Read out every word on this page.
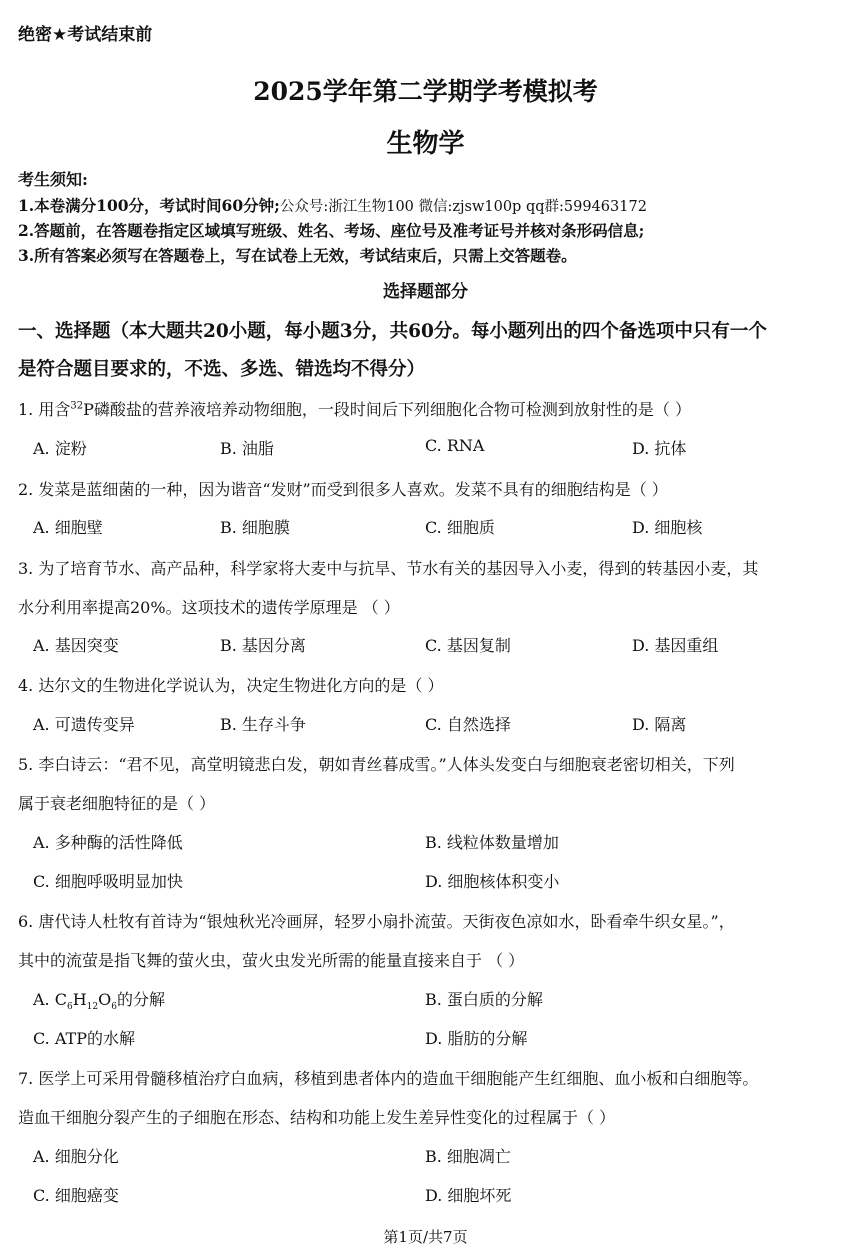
绝密★考试结束前
2025学年第二学期学考模拟考
生物学
考生须知:
1.本卷满分100分，考试时间60分钟;公众号:浙江生物100 微信:zjsw100p qq群:599463172
2.答题前，在答题卷指定区域填写班级、姓名、考场、座位号及准考证号并核对条形码信息;
3.所有答案必须写在答题卷上，写在试卷上无效，考试结束后，只需上交答题卷。
选择题部分
一、选择题（本大题共20小题，每小题3分，共60分。每小题列出的四个备选项中只有一个
是符合题目要求的，不选、多选、错选均不得分）
1. 用含$^{32}$P磷酸盐的营养液培养动物细胞，一段时间后下列细胞化合物可检测到放射性的是（ ）
A. 淀粉	B. 油脂	C. RNA	D. 抗体
2. 发菜是蓝细菌的一种，因为谐音“发财”而受到很多人喜欢。发菜不具有的细胞结构是（ ）
A. 细胞壁	B. 细胞膜	C. 细胞质	D. 细胞核
3. 为了培育节水、高产品种，科学家将大麦中与抗旱、节水有关的基因导入小麦，得到的转基因小麦，其
水分利用率提高20%。这项技术的遗传学原理是 （ ）
A. 基因突变	B. 基因分离	C. 基因复制	D. 基因重组
4. 达尔文的生物进化学说认为，决定生物进化方向的是（ ）
A. 可遗传变异	B. 生存斗争	C. 自然选择	D. 隔离
5. 李白诗云：“君不见，高堂明镜悲白发，朝如青丝暮成雪。”人体头发变白与细胞衰老密切相关，下列
属于衰老细胞特征的是（ ）
A. 多种酶的活性降低	B. 线粒体数量增加
C. 细胞呼吸明显加快	D. 细胞核体积变小
6. 唐代诗人杜牧有首诗为“银烛秋光冷画屏，轻罗小扇扑流萤。天街夜色凉如水，卧看牵牛织女星。”，
其中的流萤是指飞舞的萤火虫，萤火虫发光所需的能量直接来自于 （ ）
A. $C_6H_{12}O_6$的分解	B. 蛋白质的分解
C. ATP的水解	D. 脂肪的分解
7. 医学上可采用骨髓移植治疗白血病，移植到患者体内的造血干细胞能产生红细胞、血小板和白细胞等。
造血干细胞分裂产生的子细胞在形态、结构和功能上发生差异性变化的过程属于（ ）
A. 细胞分化	B. 细胞凋亡
C. 细胞癌变	D. 细胞坏死
第1页/共7页
